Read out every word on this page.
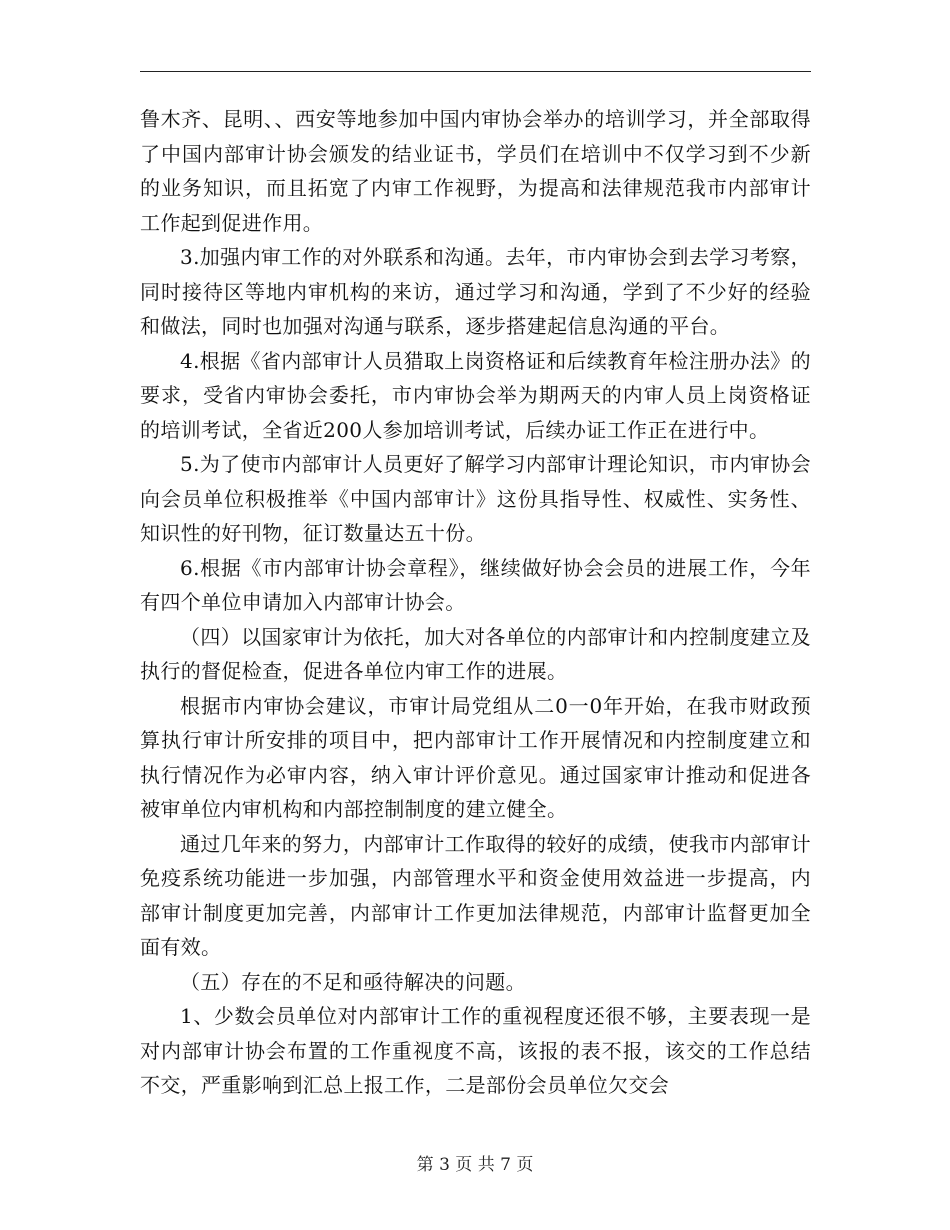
鲁木齐、昆明、、西安等地参加中国内审协会举办的培训学习，并全部取得了中国内部审计协会颁发的结业证书，学员们在培训中不仅学习到不少新的业务知识，而且拓宽了内审工作视野，为提高和法律规范我市内部审计工作起到促进作用。

3.加强内审工作的对外联系和沟通。去年，市内审协会到去学习考察，同时接待区等地内审机构的来访，通过学习和沟通，学到了不少好的经验和做法，同时也加强对沟通与联系，逐步搭建起信息沟通的平台。

4.根据《省内部审计人员猎取上岗资格证和后续教育年检注册办法》的要求，受省内审协会委托，市内审协会举为期两天的内审人员上岗资格证的培训考试，全省近200人参加培训考试，后续办证工作正在进行中。

5.为了使市内部审计人员更好了解学习内部审计理论知识，市内审协会向会员单位积极推举《中国内部审计》这份具指导性、权威性、实务性、知识性的好刊物，征订数量达五十份。

6.根据《市内部审计协会章程》，继续做好协会会员的进展工作，今年有四个单位申请加入内部审计协会。

（四）以国家审计为依托，加大对各单位的内部审计和内控制度建立及执行的督促检查，促进各单位内审工作的进展。

根据市内审协会建议，市审计局党组从二0一0年开始，在我市财政预算执行审计所安排的项目中，把内部审计工作开展情况和内控制度建立和执行情况作为必审内容，纳入审计评价意见。通过国家审计推动和促进各被审单位内审机构和内部控制制度的建立健全。

通过几年来的努力，内部审计工作取得的较好的成绩，使我市内部审计免疫系统功能进一步加强，内部管理水平和资金使用效益进一步提高，内部审计制度更加完善，内部审计工作更加法律规范，内部审计监督更加全面有效。

（五）存在的不足和亟待解决的问题。

1、少数会员单位对内部审计工作的重视程度还很不够，主要表现一是对内部审计协会布置的工作重视度不高，该报的表不报，该交的工作总结不交，严重影响到汇总上报工作，二是部份会员单位欠交会

第 3 页 共 7 页
